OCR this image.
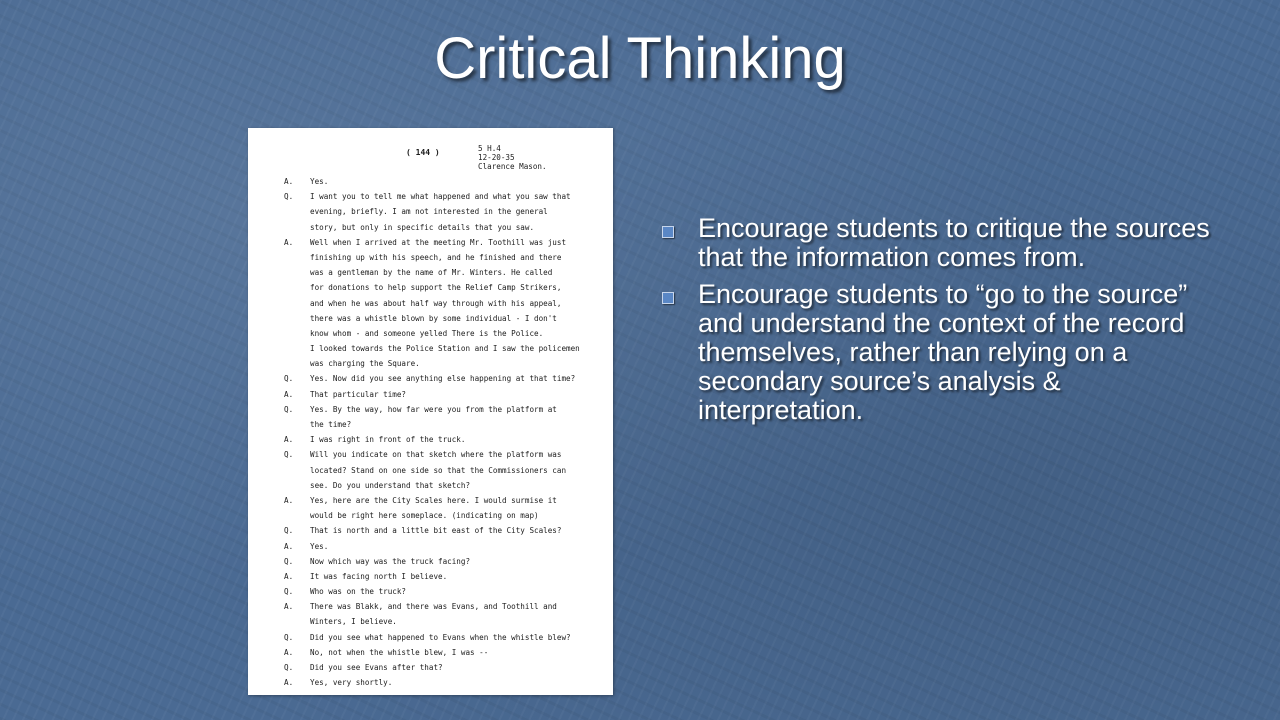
Critical Thinking
( 144 )	5 H.4
12-20-35
Clarence Mason.
A.	Yes.
Q.	I want you to tell me what happened and what you saw that
evening, briefly. I am not interested in the general
story, but only in specific details that you saw.
A.	Well when I arrived at the meeting Mr. Toothill was just
finishing up with his speech, and he finished and there
was a gentleman by the name of Mr. Winters. He called
for donations to help support the Relief Camp Strikers,
and when he was about half way through with his appeal,
there was a whistle blown by some individual - I don't
know whom - and someone yelled There is the Police.
I looked towards the Police Station and I saw the policemen
was charging the Square.
Q.	Yes. Now did you see anything else happening at that time?
A.	That particular time?
Q.	Yes. By the way, how far were you from the platform at
the time?
A.	I was right in front of the truck.
Q.	Will you indicate on that sketch where the platform was
located? Stand on one side so that the Commissioners can
see. Do you understand that sketch?
A.	Yes, here are the City Scales here. I would surmise it
would be right here someplace. (indicating on map)
Q.	That is north and a little bit east of the City Scales?
A.	Yes.
Q.	Now which way was the truck facing?
A.	It was facing north I believe.
Q.	Who was on the truck?
A.	There was Blakk, and there was Evans, and Toothill and
Winters, I believe.
Q.	Did you see what happened to Evans when the whistle blew?
A.	No, not when the whistle blew, I was --
Q.	Did you see Evans after that?
A.	Yes, very shortly.
Encourage students to critique the sources that the information comes from.
Encourage students to “go to the source” and understand the context of the record themselves, rather than relying on a secondary source’s analysis & interpretation.
